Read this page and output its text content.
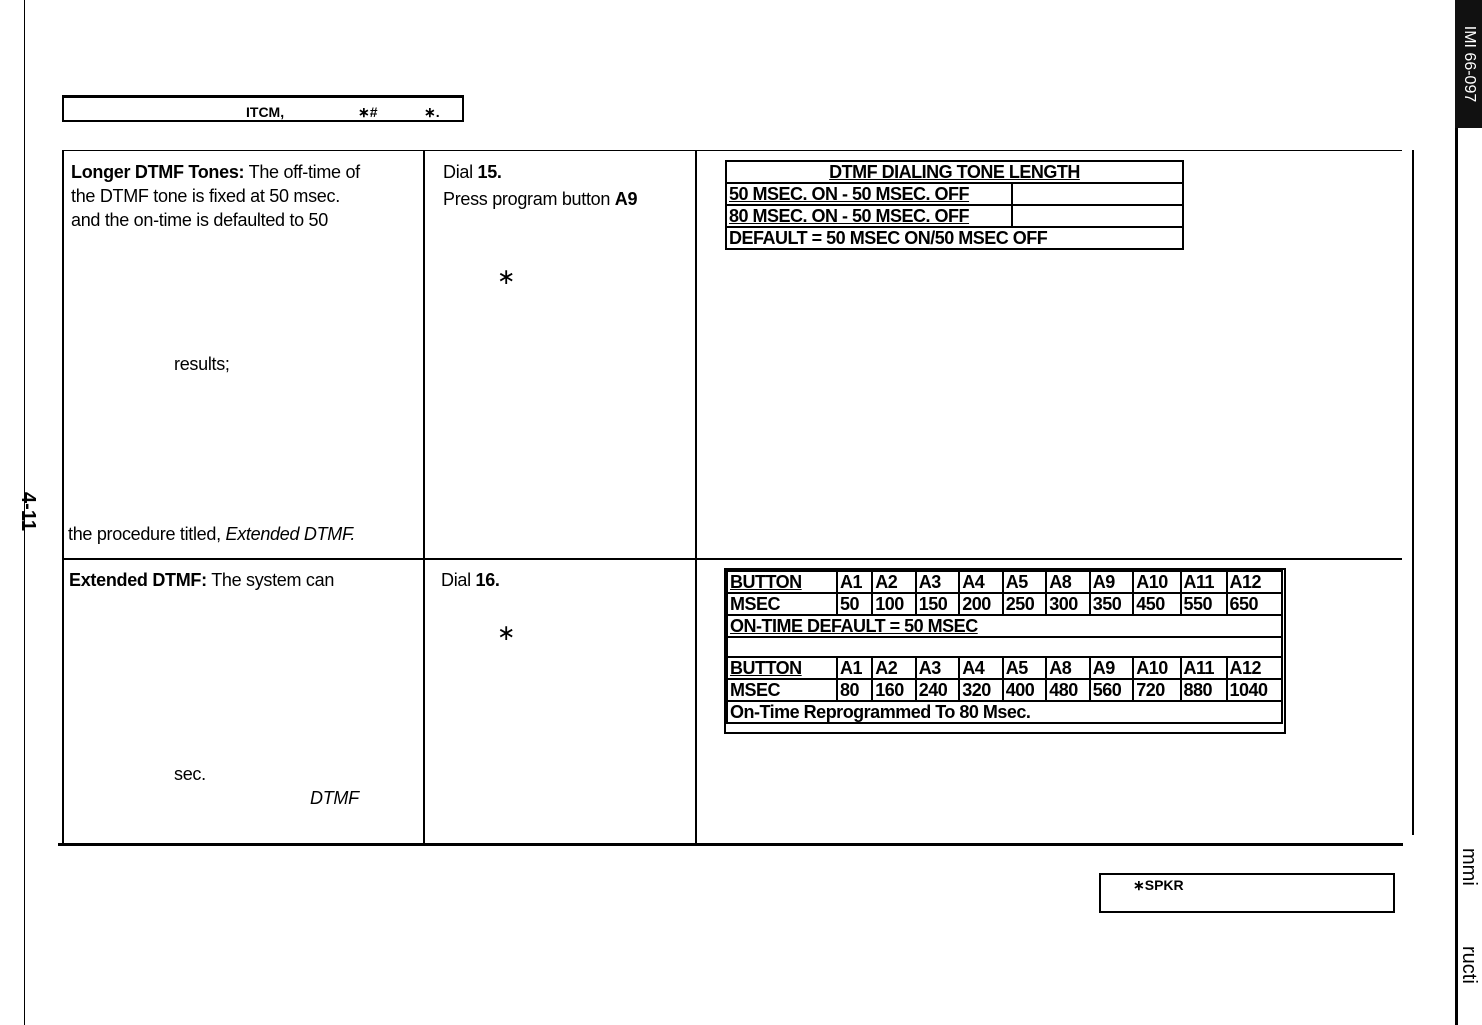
4-11
IMI 66-097
mmi
ructi
ITCM,	∗#	∗.
Longer DTMF Tones: The off-time of
the DTMF tone is fixed at 50 msec.
and the on-time is defaulted to 50
results;
the procedure titled, Extended DTMF.
Dial 15.
Press program button A9
∗
DTMF DIALING TONE LENGTH	
50 MSEC. ON - 50 MSEC. OFF	
80 MSEC. ON - 50 MSEC. OFF	
DEFAULT = 50 MSEC ON/50 MSEC OFF	
Extended DTMF: The system can
sec.
DTMF
Dial 16.
∗
BUTTON	A1	A2	A3	A4	A5	A8	A9	A10	A11	A12
MSEC	50	100	150	200	250	300	350	450	550	650
ON-TIME DEFAULT = 50 MSEC										

BUTTON	A1	A2	A3	A4	A5	A8	A9	A10	A11	A12
MSEC	80	160	240	320	400	480	560	720	880	1040
On-Time Reprogrammed To 80 Msec.										
∗SPKR
